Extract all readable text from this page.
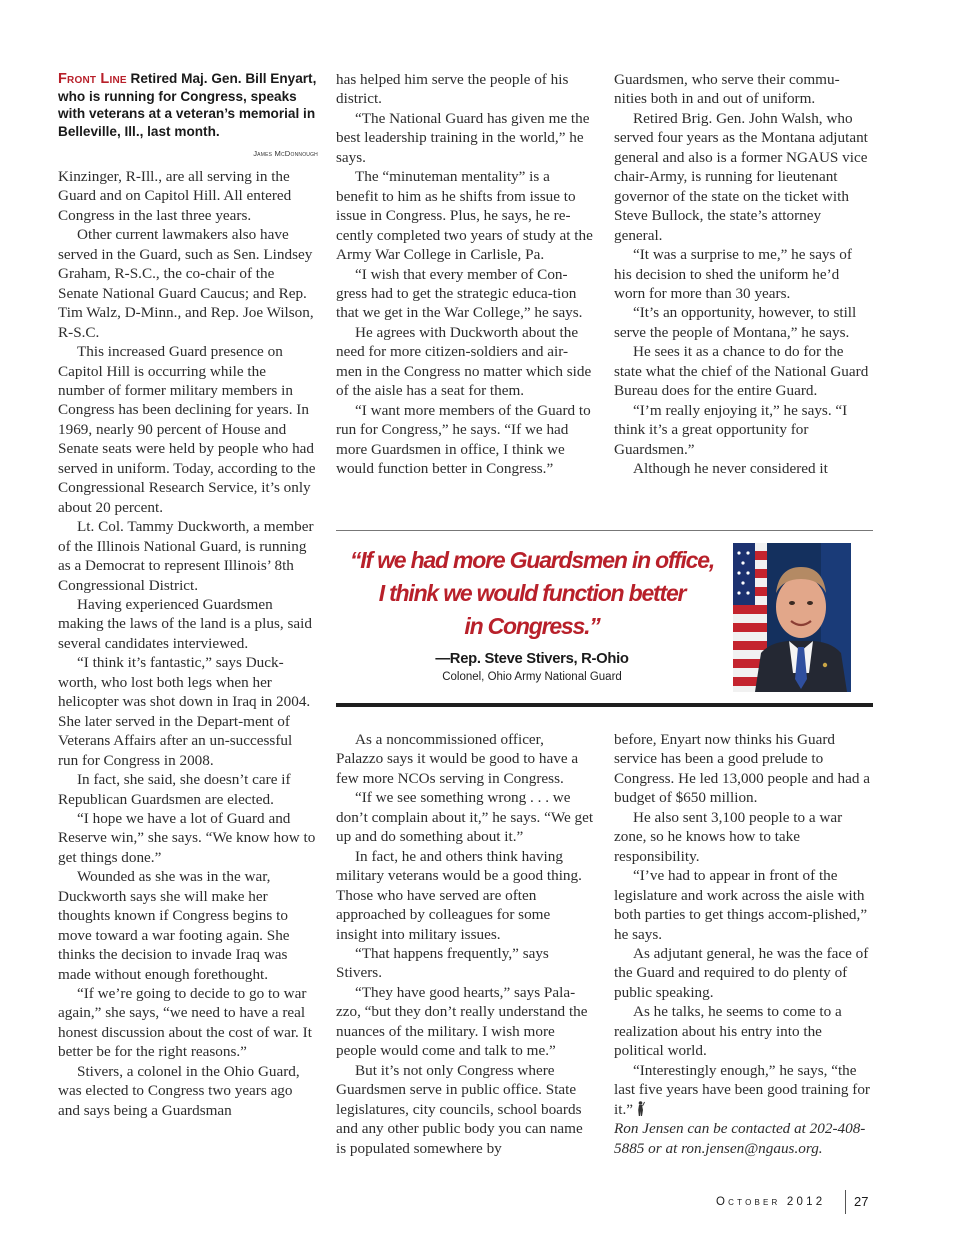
Front Line Retired Maj. Gen. Bill Enyart, who is running for Congress, speaks with veterans at a veteran’s memorial in Belleville, Ill., last month.
James McDonnough

Kinzinger, R-Ill., are all serving in the Guard and on Capitol Hill. All entered Congress in the last three years.

Other current lawmakers also have served in the Guard, such as Sen. Lindsey Graham, R-S.C., the co-chair of the Senate National Guard Caucus; and Rep. Tim Walz, D-Minn., and Rep. Joe Wilson, R-S.C.

This increased Guard presence on Capitol Hill is occurring while the number of former military members in Congress has been declining for years. In 1969, nearly 90 percent of House and Senate seats were held by people who had served in uniform. Today, according to the Congressional Research Service, it’s only about 20 percent.

Lt. Col. Tammy Duckworth, a member of the Illinois National Guard, is running as a Democrat to represent Illinois’ 8th Congressional District.

Having experienced Guardsmen making the laws of the land is a plus, said several candidates interviewed.

“I think it’s fantastic,” says Duck-worth, who lost both legs when her helicopter was shot down in Iraq in 2004. She later served in the Depart-ment of Veterans Affairs after an un-successful run for Congress in 2008.

In fact, she said, she doesn’t care if Republican Guardsmen are elected.

“I hope we have a lot of Guard and Reserve win,” she says. “We know how to get things done.”

Wounded as she was in the war, Duckworth says she will make her thoughts known if Congress begins to move toward a war footing again. She thinks the decision to invade Iraq was made without enough forethought.

“If we’re going to decide to go to war again,” she says, “we need to have a real honest discussion about the cost of war. It better be for the right reasons.”

Stivers, a colonel in the Ohio Guard, was elected to Congress two years ago and says being a Guardsman

has helped him serve the people of his district.

“The National Guard has given me the best leadership training in the world,” he says.

The “minuteman mentality” is a benefit to him as he shifts from issue to issue in Congress. Plus, he says, he re-cently completed two years of study at the Army War College in Carlisle, Pa.

“I wish that every member of Con-gress had to get the strategic educa-tion that we get in the War College,” he says.

He agrees with Duckworth about the need for more citizen-soldiers and air-men in the Congress no matter which side of the aisle has a seat for them.

“I want more members of the Guard to run for Congress,” he says. “If we had more Guardsmen in office, I think we would function better in Congress.”

Guardsmen, who serve their commu-nities both in and out of uniform.

Retired Brig. Gen. John Walsh, who served four years as the Montana adjutant general and also is a former NGAUS vice chair-Army, is running for lieutenant governor of the state on the ticket with Steve Bullock, the state’s attorney general.

“It was a surprise to me,” he says of his decision to shed the uniform he’d worn for more than 30 years.

“It’s an opportunity, however, to still serve the people of Montana,” he says.

He sees it as a chance to do for the state what the chief of the National Guard Bureau does for the entire Guard.

“I’m really enjoying it,” he says. “I think it’s a great opportunity for Guardsmen.”

Although he never considered it

“If we had more Guardsmen in office,
I think we would function better
in Congress.”
—Rep. Steve Stivers, R-Ohio
Colonel, Ohio Army National Guard

As a noncommissioned officer, Palazzo says it would be good to have a few more NCOs serving in Congress.

“If we see something wrong . . . we don’t complain about it,” he says. “We get up and do something about it.”

In fact, he and others think having military veterans would be a good thing. Those who have served are often approached by colleagues for some insight into military issues.

“That happens frequently,” says Stivers.

“They have good hearts,” says Pala-zzo, “but they don’t really understand the nuances of the military. I wish more people would come and talk to me.”

But it’s not only Congress where Guardsmen serve in public office. State legislatures, city councils, school boards and any other public body you can name is populated somewhere by

before, Enyart now thinks his Guard service has been a good prelude to Congress. He led 13,000 people and had a budget of $650 million.

He also sent 3,100 people to a war zone, so he knows how to take responsibility.

“I’ve had to appear in front of the legislature and work across the aisle with both parties to get things accom-plished,” he says.

As adjutant general, he was the face of the Guard and required to do plenty of public speaking.

As he talks, he seems to come to a realization about his entry into the political world.

“Interestingly enough,” he says, “the last five years have been good training for it.”

Ron Jensen can be contacted at 202-408-5885 or at ron.jensen@ngaus.org.

October 2012 27
